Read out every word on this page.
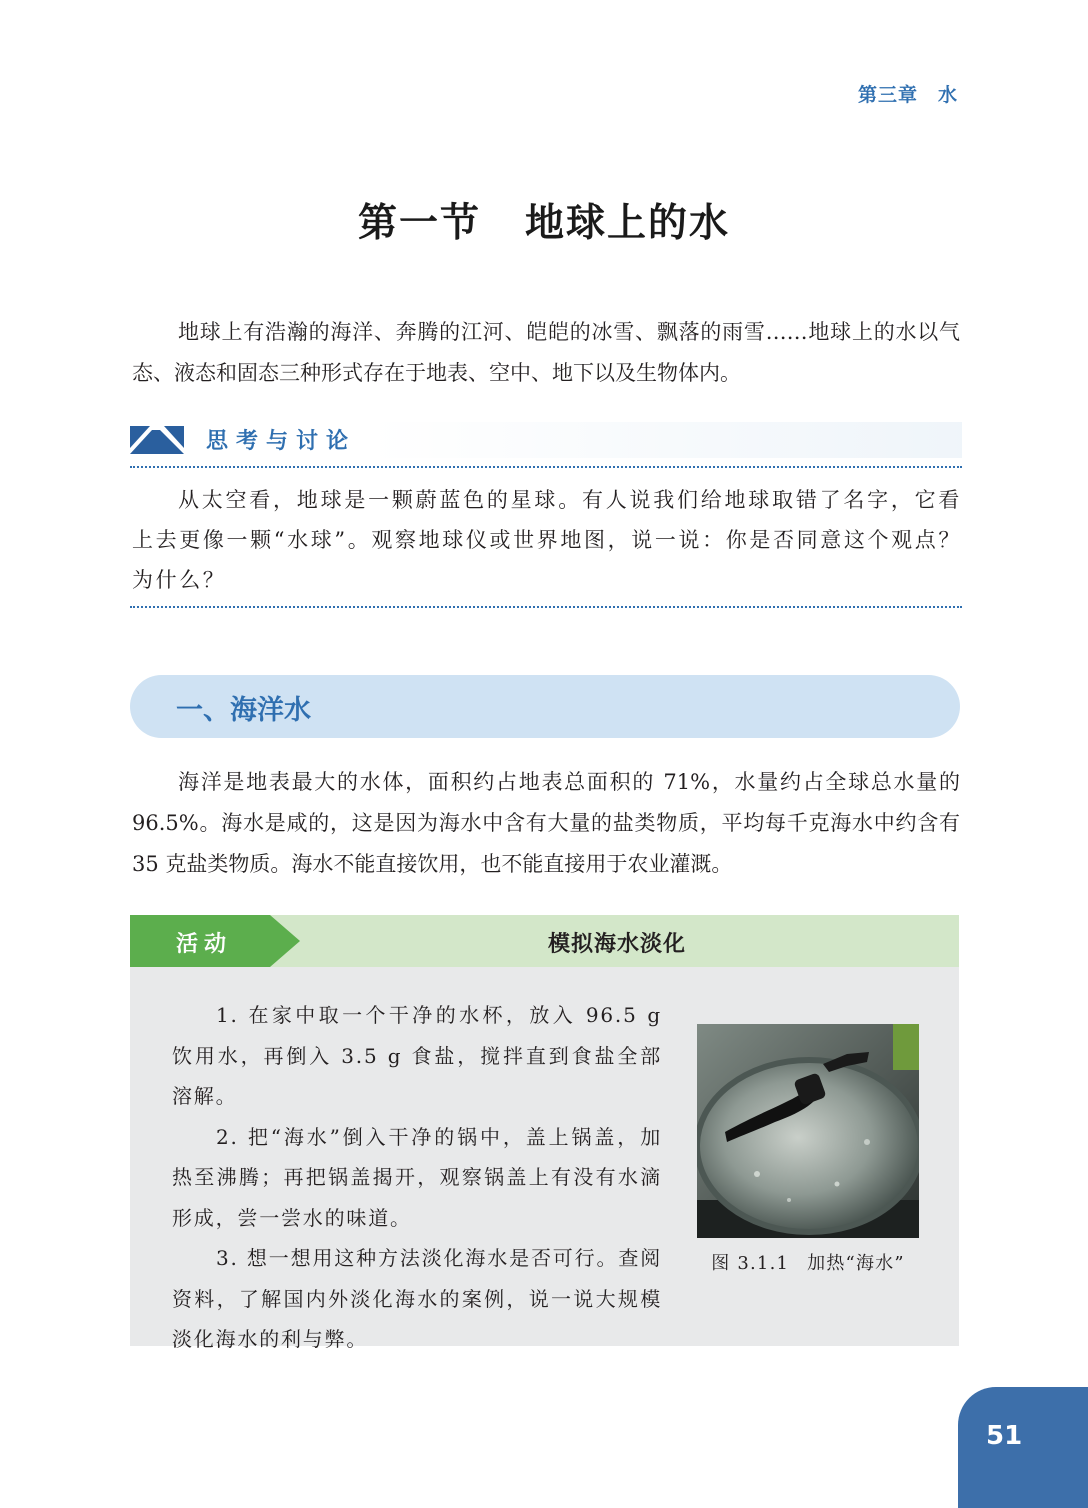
第三章 水
第一节 地球上的水

地球上有浩瀚的海洋、奔腾的江河、皑皑的冰雪、飘落的雨雪……地球上的水以气态、液态和固态三种形式存在于地表、空中、地下以及生物体内。

思考与讨论

从太空看，地球是一颗蔚蓝色的星球。有人说我们给地球取错了名字，它看上去更像一颗“水球”。观察地球仪或世界地图，说一说：你是否同意这个观点？为什么？

一、海洋水

海洋是地表最大的水体，面积约占地表总面积的 71%，水量约占全球总水量的 96.5%。海水是咸的，这是因为海水中含有大量的盐类物质，平均每千克海水中约含有 35 克盐类物质。海水不能直接饮用，也不能直接用于农业灌溉。

活动	模拟海水淡化

1. 在家中取一个干净的水杯，放入 96.5 g 饮用水，再倒入 3.5 g 食盐，搅拌直到食盐全部溶解。

2. 把“海水”倒入干净的锅中，盖上锅盖，加热至沸腾；再把锅盖揭开，观察锅盖上有没有水滴形成，尝一尝水的味道。

3. 想一想用这种方法淡化海水是否可行。查阅资料，了解国内外淡化海水的案例，说一说大规模淡化海水的利与弊。

图 3.1.1 加热“海水”
51
